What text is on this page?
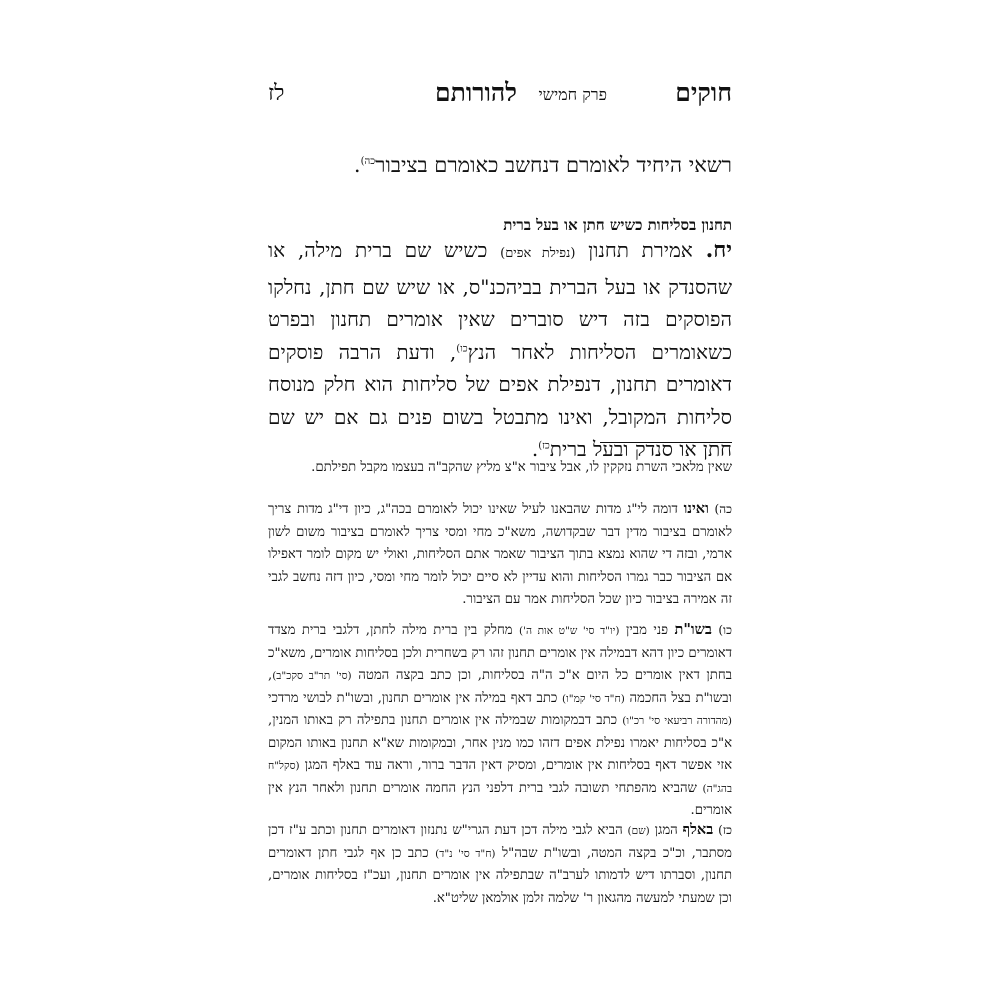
חוקים
פרק חמישי
להורותם
לז
רשאי היחיד לאומרם דנחשב כאומרם בציבור$^{כה)}$.
תחנון בסליחות כשיש חתן או בעל ברית
יח. אמירת תחנון (נפילת אפים) כשיש שם ברית מילה, או שהסנדק או בעל הברית בביהכנ"ס, או שיש שם חתן, נחלקו הפוסקים בזה דיש סוברים שאין אומרים תחנון ובפרט כשאומרים הסליחות לאחר הנץ$^{כו)}$, ודעת הרבה פוסקים דאומרים תחנון, דנפילת אפים של סליחות הוא חלק מנוסח סליחות המקובל, ואינו מתבטל בשום פנים גם אם יש שם חתן או סנדק ובעל ברית$^{כז)}$.
שאין מלאכי השרת נזקקין לו, אבל ציבור א"צ מליץ שהקב"ה בעצמו מקבל תפילתם.
כה) ואינו דומה לי"ג מדות שהבאנו לעיל שאינו יכול לאומרם בכה"ג, כיון די"ג מדות צריך לאומרם בציבור מדין דבר שבקדושה, משא"כ מחי ומסי צריך לאומרם בציבור משום לשון ארמי, ובזה די שהוא נמצא בתוך הציבור שאמר אתם הסליחות, ואולי יש מקום לומר דאפילו אם הציבור כבר גמרו הסליחות והוא עדיין לא סיים יכול לומר מחי ומסי, כיון דזה נחשב לגבי זה אמירה בציבור כיון שכל הסליחות אמר עם הציבור.
כו) בשו"ת פני מבין (יו"ד סי' ש"ט אות ה') מחלק בין ברית מילה לחתן, דלגבי ברית מצדד דאומרים כיון דהא דבמילה אין אומרים תחנון זהו רק בשחרית ולכן בסליחות אומרים, משא"כ בחתן דאין אומרים כל היום א"כ ה"ה בסליחות, וכן כתב בקצה המטה (סי' תר"ב סקכ"ב), ובשו"ת בצל החכמה (ח"ד סי' קמ"ו) כתב דאף במילה אין אומרים תחנון, ובשו"ת לבושי מרדכי (מהדורה רביעאי סי' רכ"ו) כתב דבמקומות שבמילה אין אומרים תחנון בתפילה רק באותו המנין, א"כ בסליחות יאמרו נפילת אפים דזהו כמו מנין אחר, ובמקומות שא"א תחנון באותו המקום אזי אפשר דאף בסליחות אין אומרים, ומסיק דאין הדבר ברור, וראה עוד באלף המגן (סקל"ח בהג"ה) שהביא מהפתחי תשובה לגבי ברית דלפני הנץ החמה אומרים תחנון ולאחר הנץ אין אומרים.
כז) באלף המגן (שם) הביא לגבי מילה דכן דעת הגרי"ש נתנזון דאומרים תחנון וכתב ע"ז דכן מסתבר, וכ"כ בקצה המטה, ובשו"ת שבה"ל (ח"ד סי' נ"ד) כתב כן אף לגבי חתן דאומרים תחנון, וסברתו דיש לדמותו לערב"ה שבתפילה אין אומרים תחנון, ועכ"ז בסליחות אומרים, וכן שמעתי למעשה מהגאון ר' שלמה זלמן אולמאן שליט"א.
